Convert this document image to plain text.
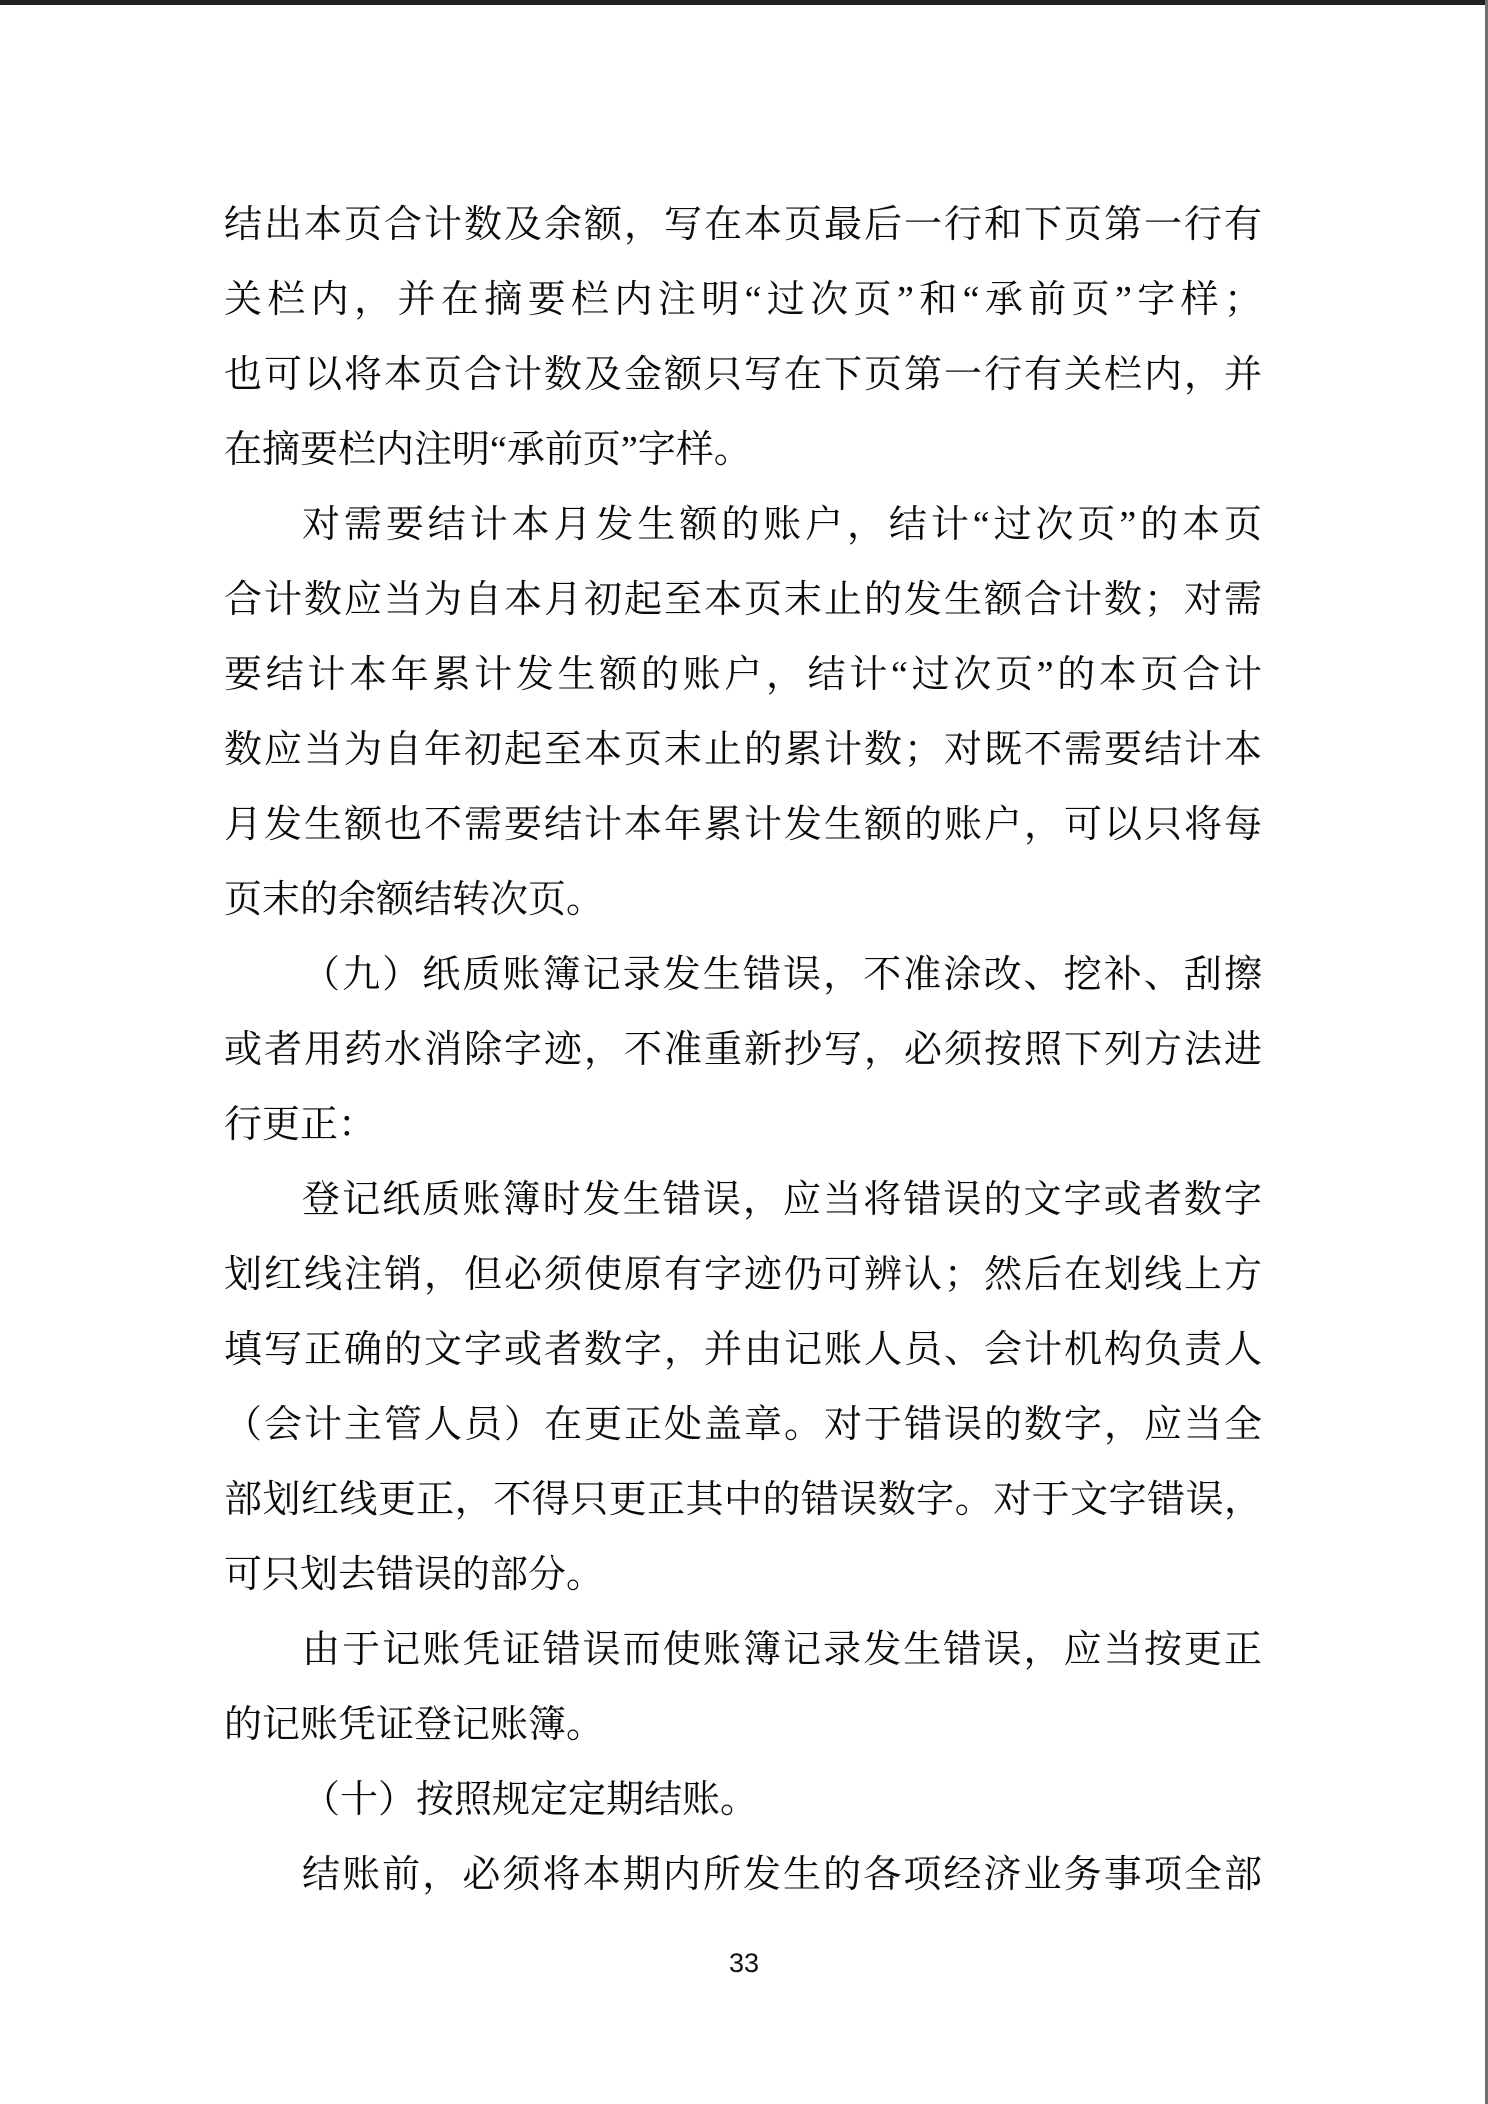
结出本页合计数及余额，写在本页最后一行和下页第一行有
关栏内，并在摘要栏内注明“过次页”和“承前页”字样；
也可以将本页合计数及金额只写在下页第一行有关栏内，并
在摘要栏内注明“承前页”字样。
对需要结计本月发生额的账户，结计“过次页”的本页
合计数应当为自本月初起至本页末止的发生额合计数；对需
要结计本年累计发生额的账户，结计“过次页”的本页合计
数应当为自年初起至本页末止的累计数；对既不需要结计本
月发生额也不需要结计本年累计发生额的账户，可以只将每
页末的余额结转次页。
（九）纸质账簿记录发生错误，不准涂改、挖补、刮擦
或者用药水消除字迹，不准重新抄写，必须按照下列方法进
行更正：
登记纸质账簿时发生错误，应当将错误的文字或者数字
划红线注销，但必须使原有字迹仍可辨认；然后在划线上方
填写正确的文字或者数字，并由记账人员、会计机构负责人
（会计主管人员）在更正处盖章。对于错误的数字，应当全
部划红线更正，不得只更正其中的错误数字。对于文字错误，
可只划去错误的部分。
由于记账凭证错误而使账簿记录发生错误，应当按更正
的记账凭证登记账簿。
（十）按照规定定期结账。
结账前，必须将本期内所发生的各项经济业务事项全部
33
